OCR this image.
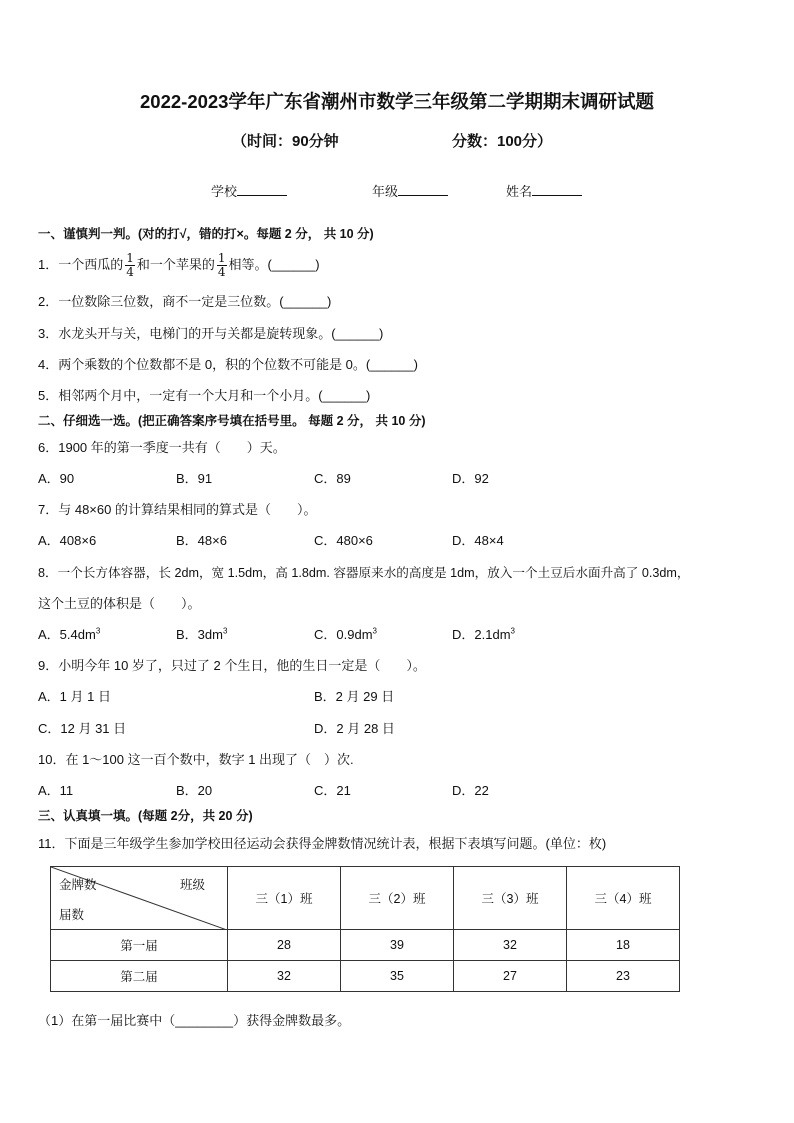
2022-2023学年广东省潮州市数学三年级第二学期期末调研试题
（时间：90分钟	分数：100分）
学校	年级	姓名
一、谨慎判一判。(对的打√，错的打×。每题 2 分， 共 10 分)
1．一个西瓜的 $\frac{1}{4}$ 和一个苹果的 $\frac{1}{4}$ 相等。(______)
2．一位数除三位数，商不一定是三位数。(______)
3．水龙头开与关，电梯门的开与关都是旋转现象。(______)
4．两个乘数的个位数都不是 0，积的个位数不可能是 0。(______)
5．相邻两个月中，一定有一个大月和一个小月。(______)
二、仔细选一选。(把正确答案序号填在括号里。 每题 2 分， 共 10 分)
6．1900 年的第一季度一共有（　　）天。
A．90	B．91	C．89	D．92
7．与 48×60 的计算结果相同的算式是（　　）。
A．408×6	B．48×6	C．480×6	D．48×4
8．一个长方体容器，长 2dm，宽 1.5dm，高 1.8dm. 容器原来水的高度是 1dm，放入一个土豆后水面升高了 0.3dm，
这个土豆的体积是（　　）。
A．$5.4dm^3$	B．$3dm^3$	C．$0.9dm^3$	D．$2.1dm^3$
9．小明今年 10 岁了，只过了 2 个生日，他的生日一定是（　　）。
A．1 月 1 日	B．2 月 29 日
C．12 月 31 日	D．2 月 28 日
10．在 1～100 这一百个数中，数字 1 出现了（　）次.
A．11	B．20	C．21	D．22
三、认真填一填。(每题 2分，共 20 分)
11．下面是三年级学生参加学校田径运动会获得金牌数情况统计表，根据下表填写问题。(单位：枚)
班级
金牌数
届数	三（1）班	三（2）班	三（3）班	三（4）班
第一届	28	39	32	18
第二届	32	35	27	23
（1）在第一届比赛中（________）获得金牌数最多。
